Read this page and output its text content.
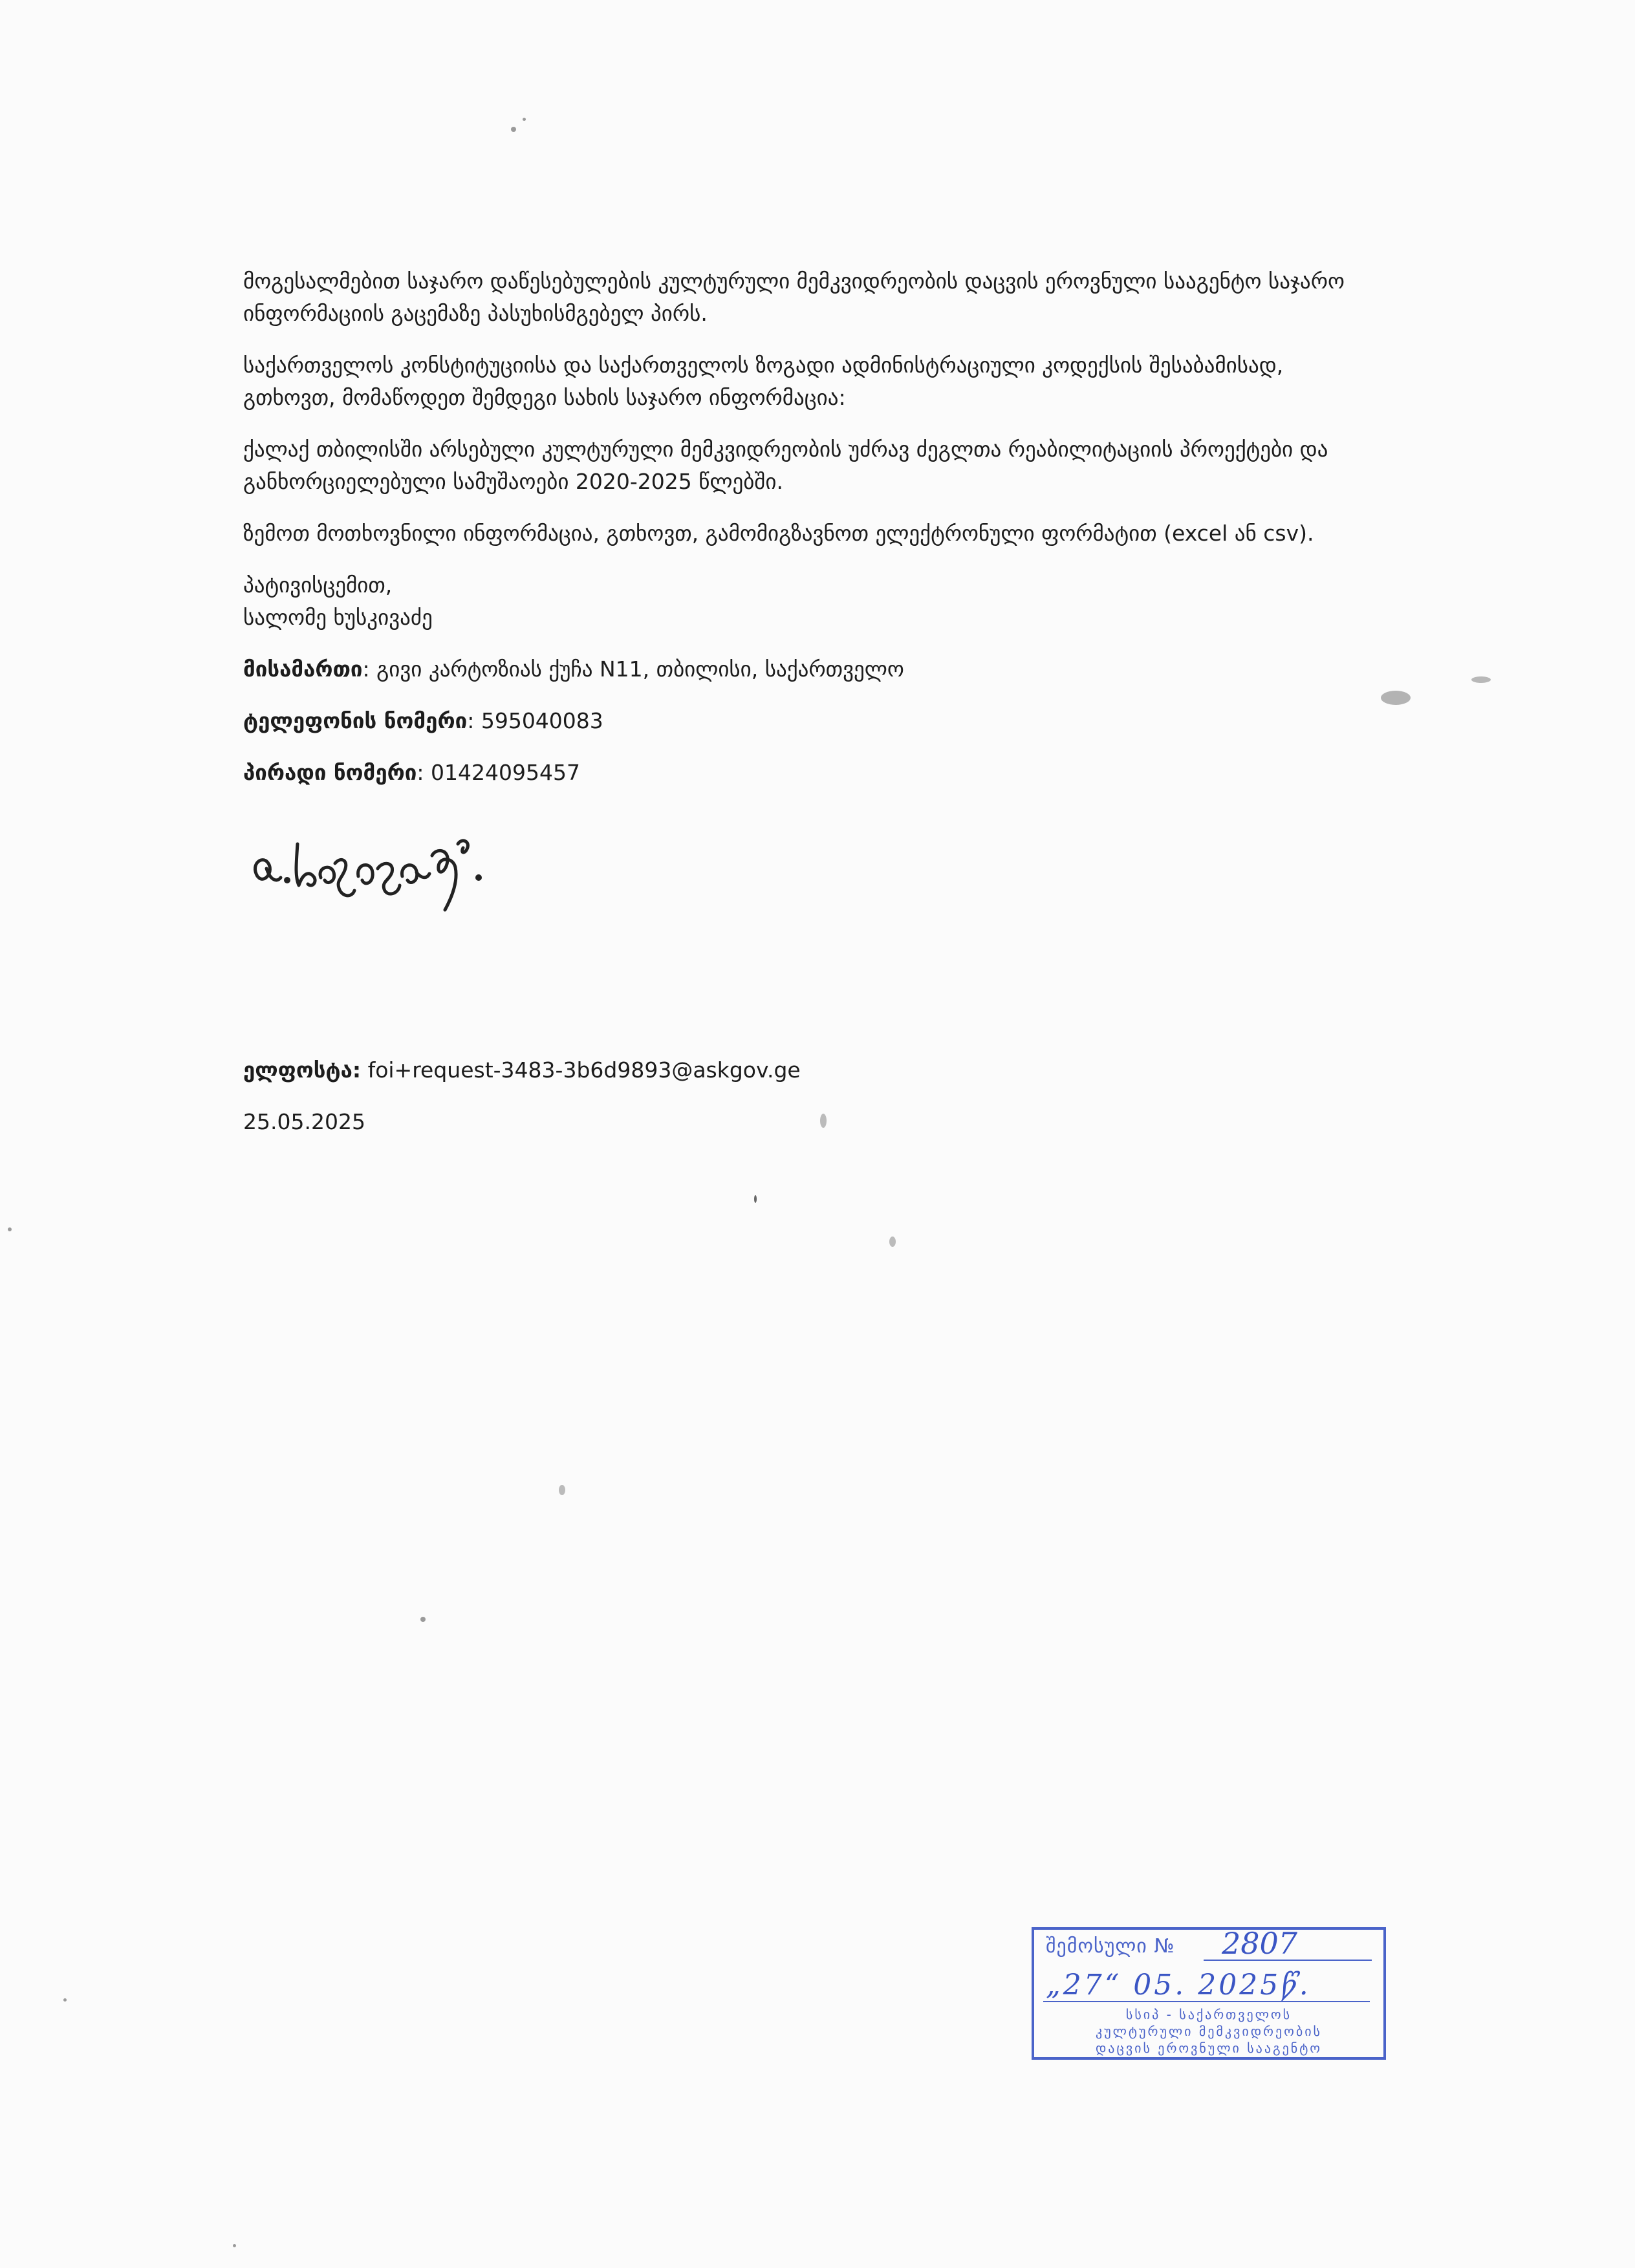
მოგესალმებით საჯარო დაწესებულების კულტურული მემკვიდრეობის დაცვის ეროვნული სააგენტო საჯარო
ინფორმაციის გაცემაზე პასუხისმგებელ პირს.

საქართველოს კონსტიტუციისა და საქართველოს ზოგადი ადმინისტრაციული კოდექსის შესაბამისად,
გთხოვთ, მომაწოდეთ შემდეგი სახის საჯარო ინფორმაცია:

ქალაქ თბილისში არსებული კულტურული მემკვიდრეობის უძრავ ძეგლთა რეაბილიტაციის პროექტები და
განხორციელებული სამუშაოები 2020-2025 წლებში.

ზემოთ მოთხოვნილი ინფორმაცია, გთხოვთ, გამომიგზავნოთ ელექტრონული ფორმატით (excel ან csv).

პატივისცემით,
სალომე ხუსკივაძე

მისამართი: გივი კარტოზიას ქუჩა N11, თბილისი, საქართველო
ტელეფონის ნომერი: 595040083
პირადი ნომერი: 01424095457
ს.ხუსკივაძე
ელფოსტა: foi+request-3483-3b6d9893@askgov.ge
25.05.2025
შემოსული № 2807
„27“ 05. 2025წ.
სსიპ - საქართველოს
კულტურული მემკვიდრეობის
დაცვის ეროვნული სააგენტო
